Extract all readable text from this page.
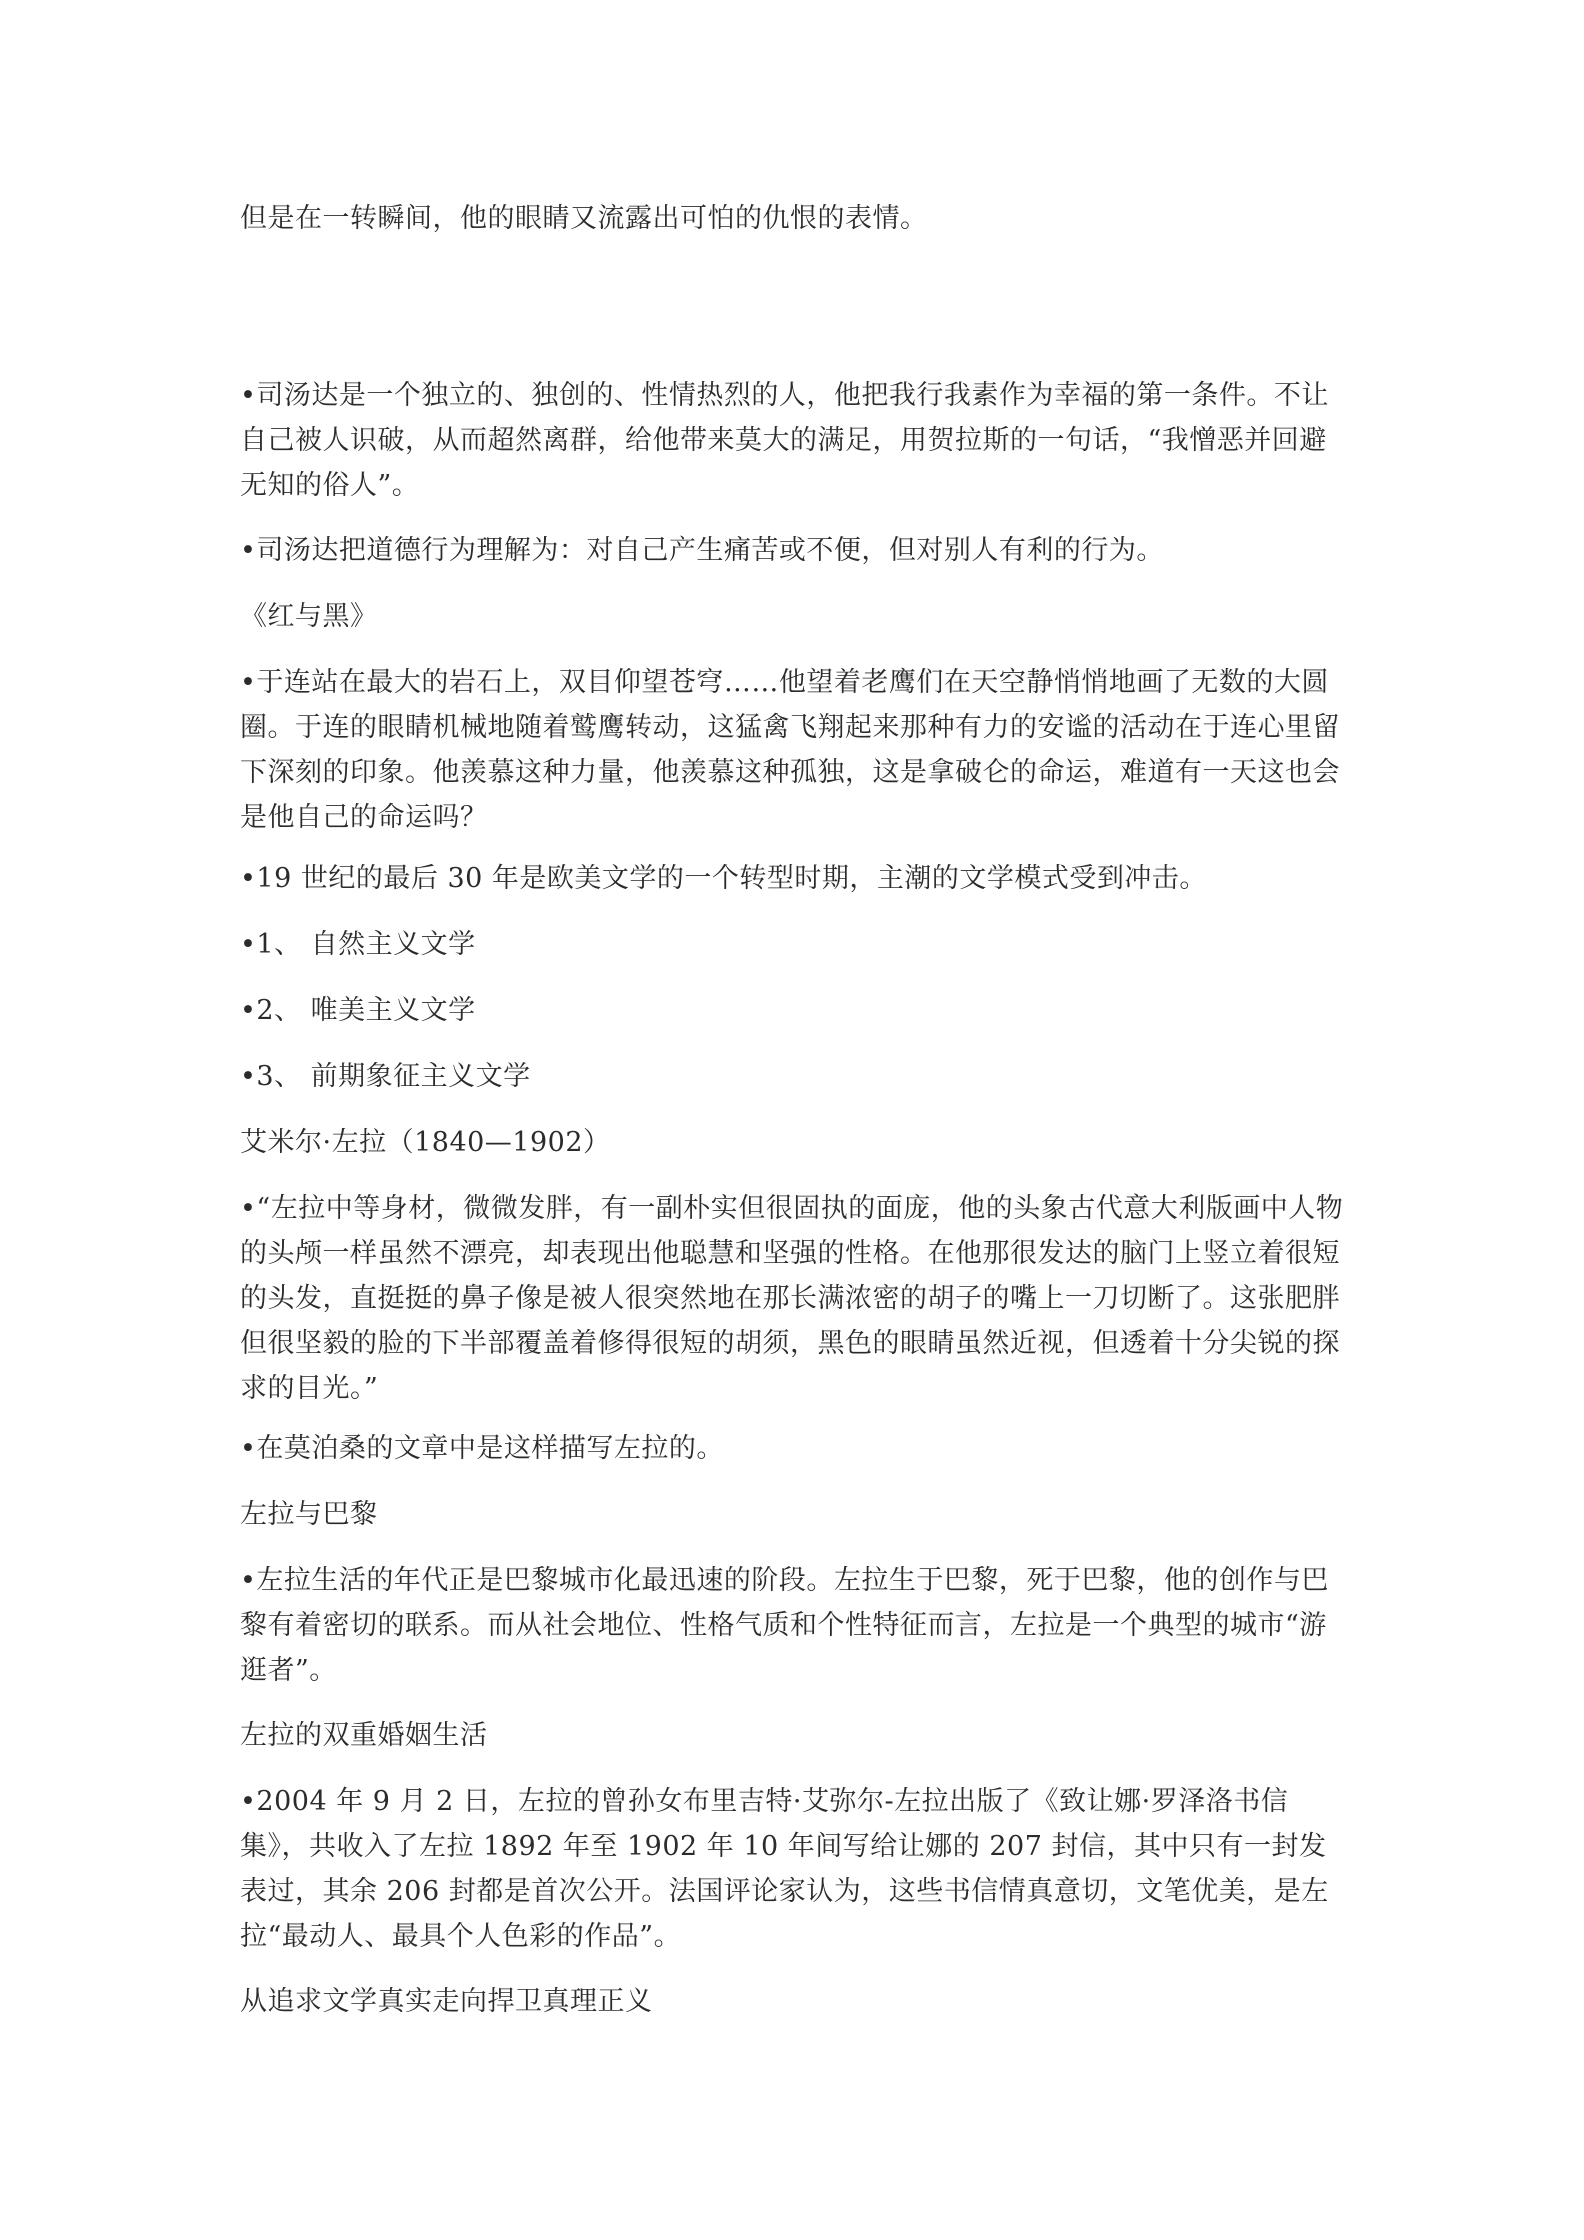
但是在一转瞬间，他的眼睛又流露出可怕的仇恨的表情。

•司汤达是一个独立的、独创的、性情热烈的人，他把我行我素作为幸福的第一条件。不让自己被人识破，从而超然离群，给他带来莫大的满足，用贺拉斯的一句话，“我憎恶并回避无知的俗人”。

•司汤达把道德行为理解为：对自己产生痛苦或不便，但对别人有利的行为。

《红与黑》

•于连站在最大的岩石上，双目仰望苍穹……他望着老鹰们在天空静悄悄地画了无数的大圆圈。于连的眼睛机械地随着鹫鹰转动，这猛禽飞翔起来那种有力的安谧的活动在于连心里留下深刻的印象。他羡慕这种力量，他羡慕这种孤独，这是拿破仑的命运，难道有一天这也会是他自己的命运吗？

•19 世纪的最后 30 年是欧美文学的一个转型时期，主潮的文学模式受到冲击。

•1、 自然主义文学

•2、 唯美主义文学

•3、 前期象征主义文学

艾米尔·左拉（1840—1902）

•“左拉中等身材，微微发胖，有一副朴实但很固执的面庞，他的头象古代意大利版画中人物的头颅一样虽然不漂亮，却表现出他聪慧和坚强的性格。在他那很发达的脑门上竖立着很短的头发，直挺挺的鼻子像是被人很突然地在那长满浓密的胡子的嘴上一刀切断了。这张肥胖但很坚毅的脸的下半部覆盖着修得很短的胡须，黑色的眼睛虽然近视，但透着十分尖锐的探求的目光。”

•在莫泊桑的文章中是这样描写左拉的。

左拉与巴黎

•左拉生活的年代正是巴黎城市化最迅速的阶段。左拉生于巴黎，死于巴黎，他的创作与巴黎有着密切的联系。而从社会地位、性格气质和个性特征而言，左拉是一个典型的城市“游逛者”。

左拉的双重婚姻生活

•2004 年 9 月 2 日，左拉的曾孙女布里吉特·艾弥尔-左拉出版了《致让娜·罗泽洛书信集》，共收入了左拉 1892 年至 1902 年 10 年间写给让娜的 207 封信，其中只有一封发表过，其余 206 封都是首次公开。法国评论家认为，这些书信情真意切，文笔优美，是左拉“最动人、最具个人色彩的作品”。

从追求文学真实走向捍卫真理正义
